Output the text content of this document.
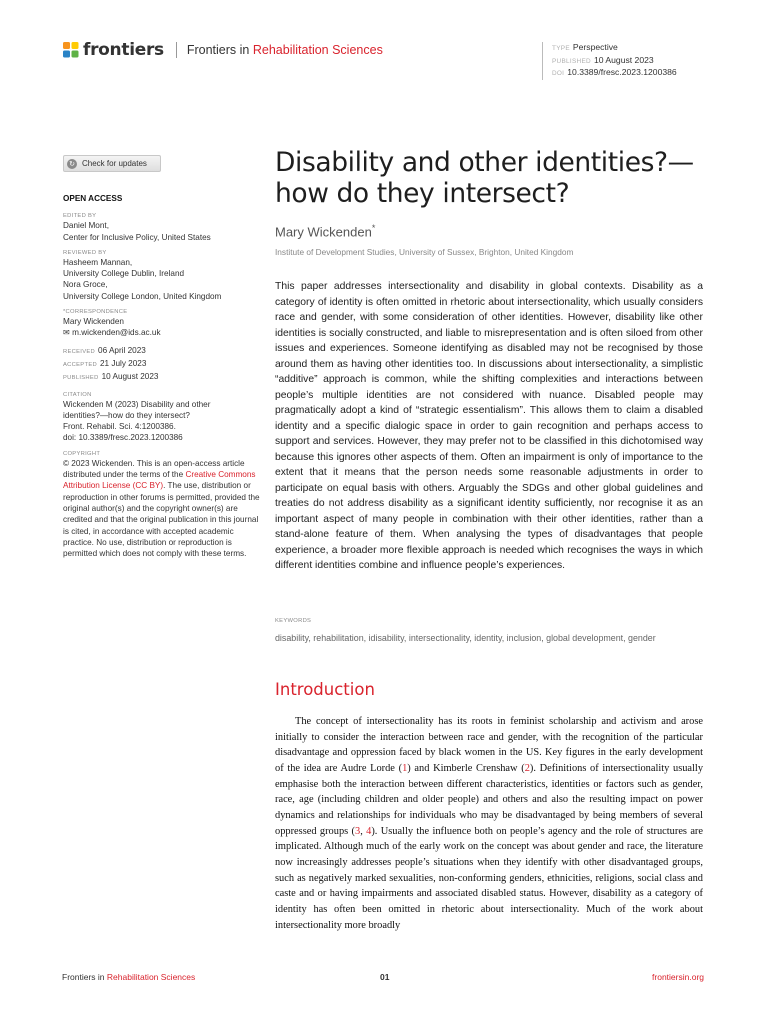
frontiers Frontiers in Rehabilitation Sciences	TYPE Perspective
PUBLISHED 10 August 2023
DOI 10.3389/fresc.2023.1200386
↻ Check for updates
OPEN ACCESS
EDITED BY
Daniel Mont,
Center for Inclusive Policy, United States
REVIEWED BY
Hasheem Mannan,
University College Dublin, Ireland
Nora Groce,
University College London, United Kingdom
*CORRESPONDENCE
Mary Wickenden
✉ m.wickenden@ids.ac.uk
RECEIVED 06 April 2023
ACCEPTED 21 July 2023
PUBLISHED 10 August 2023
CITATION
Wickenden M (2023) Disability and other
identities?—how do they intersect?
Front. Rehabil. Sci. 4:1200386.
doi: 10.3389/fresc.2023.1200386
COPYRIGHT
© 2023 Wickenden. This is an open-access article distributed under the terms of the Creative Commons Attribution License (CC BY). The use, distribution or reproduction in other forums is permitted, provided the original author(s) and the copyright owner(s) are credited and that the original publication in this journal is cited, in accordance with accepted academic practice. No use, distribution or reproduction is permitted which does not comply with these terms.
Disability and other identities?—how do they intersect?
Mary Wickenden*
Institute of Development Studies, University of Sussex, Brighton, United Kingdom
This paper addresses intersectionality and disability in global contexts. Disability as a category of identity is often omitted in rhetoric about intersectionality, which usually considers race and gender, with some consideration of other identities. However, disability like other identities is socially constructed, and liable to misrepresentation and is often siloed from other issues and experiences. Someone identifying as disabled may not be recognised by those around them as having other identities too. In discussions about intersectionality, a simplistic “additive” approach is common, while the shifting complexities and interactions between people’s multiple identities are not considered with nuance. Disabled people may pragmatically adopt a kind of “strategic essentialism”. This allows them to claim a disabled identity and a specific dialogic space in order to gain recognition and perhaps access to support and services. However, they may prefer not to be classified in this dichotomised way because this ignores other aspects of them. Often an impairment is only of importance to the extent that it means that the person needs some reasonable adjustments in order to participate on equal basis with others. Arguably the SDGs and other global guidelines and treaties do not address disability as a significant identity sufficiently, nor recognise it as an important aspect of many people in combination with their other identities, rather than a stand-alone feature of them. When analysing the types of disadvantages that people experience, a broader more flexible approach is needed which recognises the ways in which different identities combine and influence people’s experiences.
KEYWORDS
disability, rehabilitation, idisability, intersectionality, identity, inclusion, global development, gender
Introduction
The concept of intersectionality has its roots in feminist scholarship and activism and arose initially to consider the interaction between race and gender, with the recognition of the particular disadvantage and oppression faced by black women in the US. Key figures in the early development of the idea are Audre Lorde (1) and Kimberle Crenshaw (2). Definitions of intersectionality usually emphasise both the interaction between different characteristics, identities or factors such as gender, race, age (including children and older people) and others and also the resulting impact on power dynamics and relationships for individuals who may be disadvantaged by being members of several oppressed groups (3, 4). Usually the influence both on people’s agency and the role of structures are implicated. Although much of the early work on the concept was about gender and race, the literature now increasingly addresses people’s situations when they identify with other disadvantaged groups, such as negatively marked sexualities, non-conforming genders, ethnicities, religions, social class and caste and or having impairments and associated disabled status. However, disability as a category of identity has often been omitted in rhetoric about intersectionality. Much of the work about intersectionality more broadly
Frontiers in Rehabilitation Sciences	01	frontiersin.org
